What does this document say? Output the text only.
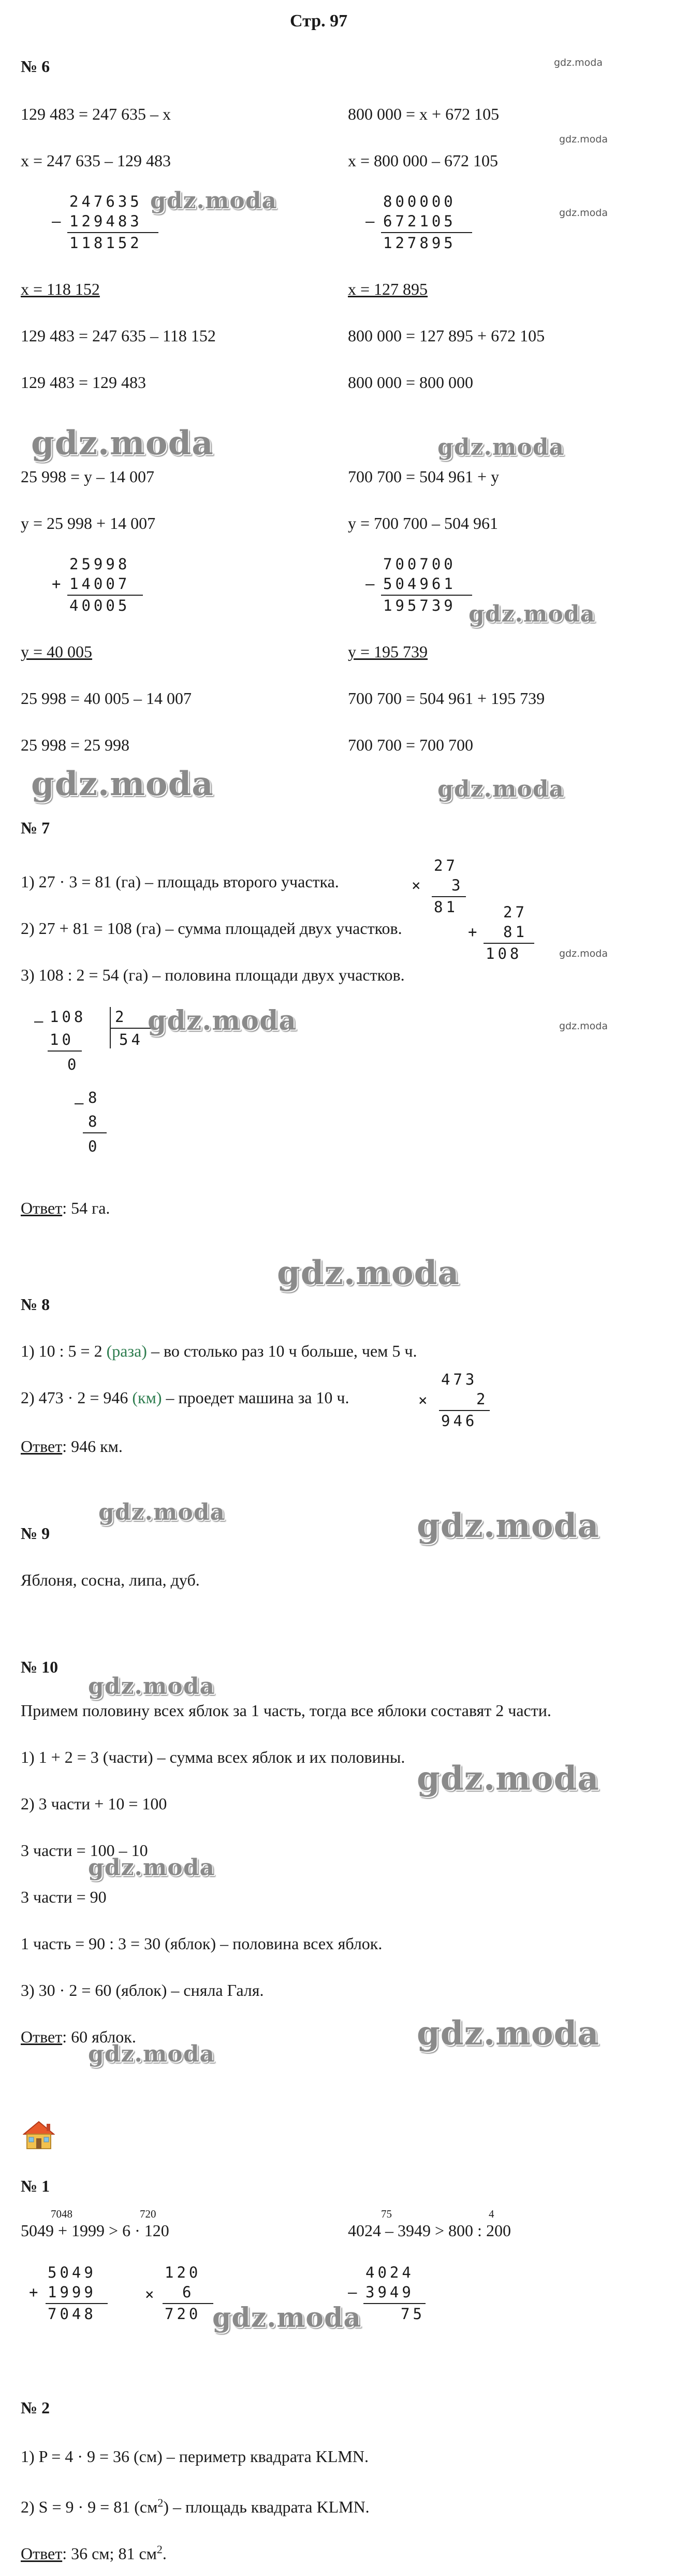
Стр. 97
№ 6	gdz.moda
129 483 = 247 635 – x	800 000 = x + 672 105
gdz.moda
x = 247 635 – 129 483	x = 800 000 – 672 105
247635
– 129483
118152
gdz.moda	800000
– 672105
127895
gdz.moda
x = 118 152	x = 127 895
129 483 = 247 635 – 118 152	800 000 = 127 895 + 672 105
129 483 = 129 483	800 000 = 800 000
gdz.moda	gdz.moda
25 998 = y – 14 007	700 700 = 504 961 + y
y = 25 998 + 14 007	y = 700 700 – 504 961
25998
+ 14007
40005
700700
– 504961
195739 gdz.moda
y = 40 005	y = 195 739
25 998 = 40 005 – 14 007	700 700 = 504 961 + 195 739
25 998 = 25 998	700 700 = 700 700
gdz.moda	gdz.moda
№ 7
1) 27 · 3 = 81 (га) – площадь второго участка.
27
× 3
81
2) 27 + 81 = 108 (га) – сумма площадей двух участков.
27
+ 81
108	gdz.moda
3) 108 : 2 = 54 (га) – половина площади двух участков.
– 108 2
54
10
0
– 8
8
0
gdz.moda	gdz.moda
Ответ: 54 га.
gdz.moda
№ 8
1) 10 : 5 = 2 (раза) – во столько раз 10 ч больше, чем 5 ч.
2) 473 · 2 = 946 (км) – проедет машина за 10 ч.
473
×	2
946
Ответ: 946 км.
gdz.moda	gdz.moda
№ 9
Яблоня, сосна, липа, дуб.
№ 10
gdz.moda
Примем половину всех яблок за 1 часть, тогда все яблоки составят 2 части.
1) 1 + 2 = 3 (части) – сумма всех яблок и их половины.
gdz.moda
2) 3 части + 10 = 100
3 части = 100 – 10
gdz.moda
3 части = 90
1 часть = 90 : 3 = 30 (яблок) – половина всех яблок.
3) 30 · 2 = 60 (яблок) – сняла Галя.
gdz.moda
Ответ: 60 яблок.
gdz.moda
№ 1
7048	720
5049 + 1999 > 6 · 120
75	4
4024 – 3949 > 800 : 200
5049
+ 1999
7048
120
× 6
720 gdz.moda
4024
– 3949
75
№ 2
1) P = 4 · 9 = 36 (см) – периметр квадрата KLMN.
2) S = 9 · 9 = 81 $(см^2)$ – площадь квадрата KLMN.
Ответ: 36 см; 81 $см^2$.
